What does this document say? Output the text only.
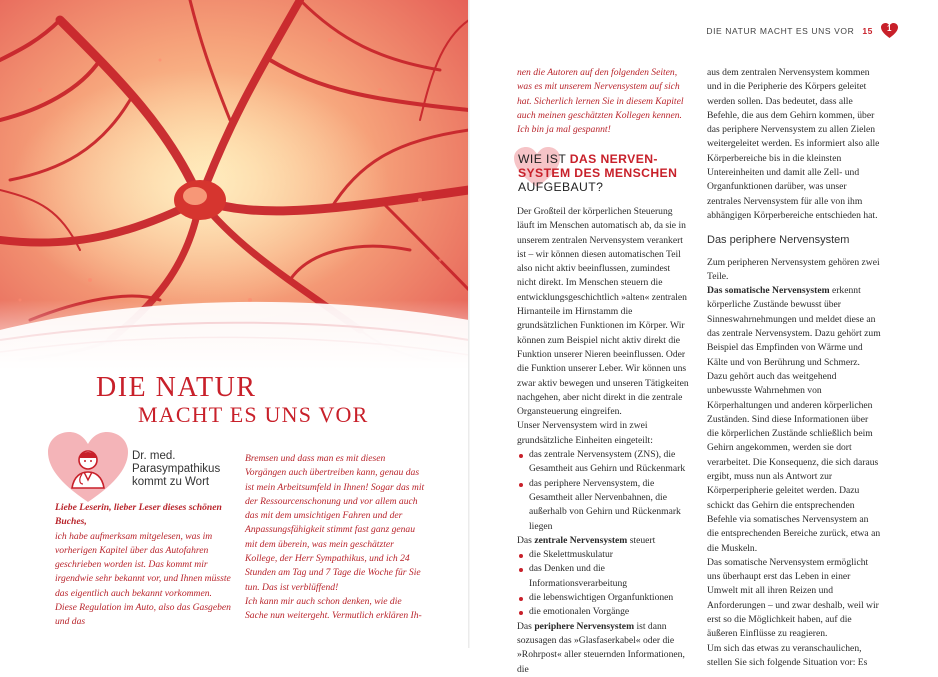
DIE NATUR
MACHT ES UNS VOR
Dr. med. Parasympathikus kommt zu Wort

Liebe Leserin, lieber Leser dieses schönen Buches,

ich habe aufmerksam mitgelesen, was im vorherigen Kapitel über das Autofahren geschrieben worden ist. Das kommt mir irgendwie sehr bekannt vor, und Ihnen müsste das eigentlich auch bekannt vorkommen. Diese Regulation im Auto, also das Gasgeben und das

Bremsen und dass man es mit diesen Vorgängen auch übertreiben kann, genau das ist mein Arbeitsumfeld in Ihnen! Sogar das mit der Ressourcenschonung und vor allem auch das mit dem umsichtigen Fahren und der Anpassungsfähigkeit stimmt fast ganz genau mit dem überein, was mein geschätzter Kollege, der Herr Sympathikus, und ich 24 Stunden am Tag und 7 Tage die Woche für Sie tun. Das ist verblüffend!

Ich kann mir auch schon denken, wie die Sache nun weitergeht. Vermutlich erklären Ih-

DIE NATUR MACHT ES UNS VOR 15	1
nen die Autoren auf den folgenden Seiten, was es mit unserem Nervensystem auf sich hat. Sicherlich lernen Sie in diesem Kapitel auch meinen geschätzten Kollegen kennen. Ich bin ja mal gespannt!
WIE IST DAS NERVEN-
SYSTEM DES MENSCHEN
AUFGEBAUT?

Der Großteil der körperlichen Steuerung läuft im Menschen automatisch ab, da sie in unserem zentralen Nervensystem verankert ist – wir können diesen automatischen Teil also nicht aktiv beeinflussen, zumindest nicht direkt. Im Menschen steuern die entwicklungsgeschichtlich »alten« zentralen Hirnanteile im Hirnstamm die grundsätzlichen Funktionen im Körper. Wir können zum Beispiel nicht aktiv direkt die Funktion unserer Nieren beeinflussen. Oder die Funktion unserer Leber. Wir können uns zwar aktiv bewegen und unseren Tätigkeiten nachgehen, aber nicht direkt in die zentrale Organsteuerung eingreifen.

Unser Nervensystem wird in zwei grundsätzliche Einheiten eingeteilt:

das zentrale Nervensystem (ZNS), die Gesamtheit aus Gehirn und Rückenmark
das periphere Nervensystem, die Gesamtheit aller Nervenbahnen, die außerhalb von Gehirn und Rückenmark liegen

Das zentrale Nervensystem steuert

die Skelettmuskulatur
das Denken und die Informationsverarbeitung
die lebenswichtigen Organfunktionen
die emotionalen Vorgänge

Das periphere Nervensystem ist dann sozusagen das »Glasfaserkabel« oder die »Rohrpost« aller steuernden Informationen, die

aus dem zentralen Nervensystem kommen und in die Peripherie des Körpers geleitet werden sollen. Das bedeutet, dass alle Befehle, die aus dem Gehirn kommen, über das periphere Nervensystem zu allen Zielen weitergeleitet werden. Es informiert also alle Körperbereiche bis in die kleinsten Untereinheiten und damit alle Zell- und Organfunktionen darüber, was unser zentrales Nervensystem für alle von ihm abhängigen Körperbereiche entschieden hat.

Das periphere Nervensystem

Zum peripheren Nervensystem gehören zwei Teile.

Das somatische Nervensystem erkennt körperliche Zustände bewusst über Sinneswahrnehmungen und meldet diese an das zentrale Nervensystem. Dazu gehört zum Beispiel das Empfinden von Wärme und Kälte und von Berührung und Schmerz. Dazu gehört auch das weitgehend unbewusste Wahrnehmen von Körperhaltungen und anderen körperlichen Zuständen. Sind diese Informationen über die körperlichen Zustände schließlich beim Gehirn angekommen, werden sie dort verarbeitet. Die Konsequenz, die sich daraus ergibt, muss nun als Antwort zur Körperperipherie geleitet werden. Dazu schickt das Gehirn die entsprechenden Befehle via somatisches Nervensystem an die entsprechenden Bereiche zurück, etwa an die Muskeln.

Das somatische Nervensystem ermöglicht uns überhaupt erst das Leben in einer Umwelt mit all ihren Reizen und Anforderungen – und zwar deshalb, weil wir erst so die Möglichkeit haben, auf die äußeren Einflüsse zu reagieren.

Um sich das etwas zu veranschaulichen, stellen Sie sich folgende Situation vor: Es
